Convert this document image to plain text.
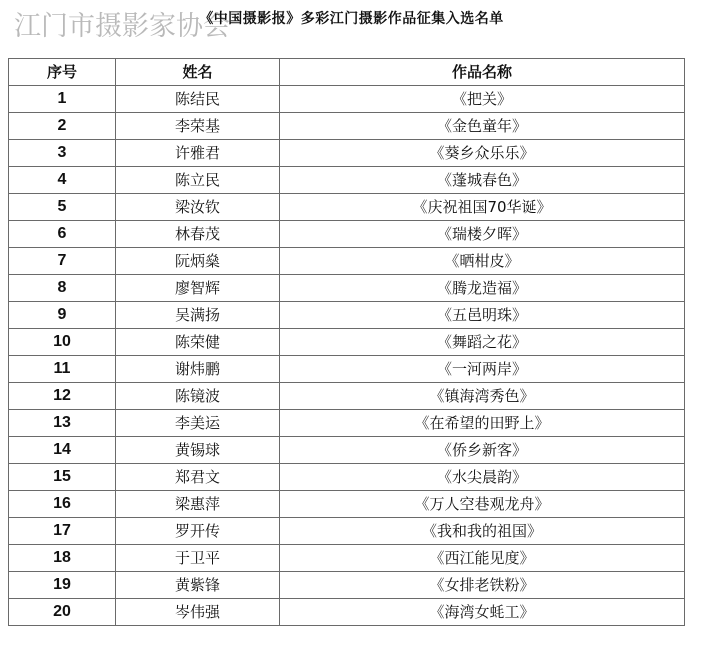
江门市摄影家协会
《中国摄影报》多彩江门摄影作品征集入选名单
序号	姓名	作品名称
1	陈结民	《把关》
2	李荣基	《金色童年》
3	许雅君	《葵乡众乐乐》
4	陈立民	《蓬城春色》
5	梁汝钦	《庆祝祖国70华诞》
6	林春茂	《瑞楼夕晖》
7	阮炳燊	《晒柑皮》
8	廖智辉	《腾龙造福》
9	吴满扬	《五邑明珠》
10	陈荣健	《舞蹈之花》
11	谢炜鹏	《一河两岸》
12	陈镜波	《镇海湾秀色》
13	李美运	《在希望的田野上》
14	黄锡球	《侨乡新客》
15	郑君文	《水尖晨韵》
16	梁惠萍	《万人空巷观龙舟》
17	罗开传	《我和我的祖国》
18	于卫平	《西江能见度》
19	黄紫锋	《女排老铁粉》
20	岑伟强	《海湾女蚝工》
